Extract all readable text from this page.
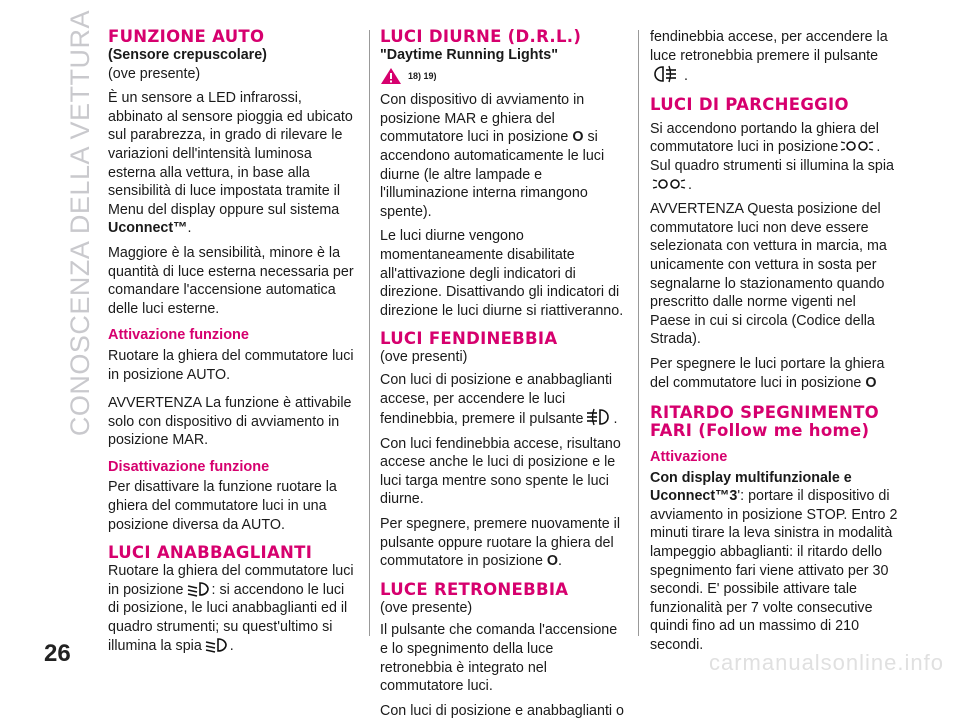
CONOSCENZA DELLA VETTURA FUNZIONE AUTO
(Sensore crepuscolare)

(ove presente)

È un sensore a LED infrarossi, abbinato al sensore pioggia ed ubicato sul parabrezza, in grado di rilevare le variazioni dell'intensità luminosa esterna alla vettura, in base alla sensibilità di luce impostata tramite il Menu del display oppure sul sistema Uconnect™.

Maggiore è la sensibilità, minore è la quantità di luce esterna necessaria per comandare l'accensione automatica delle luci esterne.

Attivazione funzione

Ruotare la ghiera del commutatore luci in posizione AUTO.

AVVERTENZA La funzione è attivabile solo con dispositivo di avviamento in posizione MAR.

Disattivazione funzione

Per disattivare la funzione ruotare la ghiera del commutatore luci in una posizione diversa da AUTO.

LUCI ANABBAGLIANTI

Ruotare la ghiera del commutatore luci in posizione : si accendono le luci di posizione, le luci anabbaglianti ed il quadro strumenti; su quest'ultimo si illumina la spia .

LUCI DIURNE (D.R.L.)
"Daytime Running Lights"
18) 19)

Con dispositivo di avviamento in posizione MAR e ghiera del commutatore luci in posizione O si accendono automaticamente le luci diurne (le altre lampade e l'illuminazione interna rimangono spente).

Le luci diurne vengono momentaneamente disabilitate all'attivazione degli indicatori di direzione. Disattivando gli indicatori di direzione le luci diurne si riattiveranno.

LUCI FENDINEBBIA

(ove presenti)

Con luci di posizione e anabbaglianti accese, per accendere le luci fendinebbia, premere il pulsante .

Con luci fendinebbia accese, risultano accese anche le luci di posizione e le luci targa mentre sono spente le luci diurne.

Per spegnere, premere nuovamente il pulsante oppure ruotare la ghiera del commutatore in posizione O.

LUCE RETRONEBBIA

(ove presente)

Il pulsante che comanda l'accensione e lo spegnimento della luce retronebbia è integrato nel commutatore luci.

Con luci di posizione e anabbaglianti o

fendinebbia accese, per accendere la luce retronebbia premere il pulsante  .

LUCI DI PARCHEGGIO

Si accendono portando la ghiera del commutatore luci in posizione	. Sul quadro strumenti si illumina la spia .

AVVERTENZA Questa posizione del commutatore luci non deve essere selezionata con vettura in marcia, ma unicamente con vettura in sosta per segnalarne lo stazionamento quando prescritto dalle norme vigenti nel Paese in cui si circola (Codice della Strada).

Per spegnere le luci portare la ghiera del commutatore luci in posizione O

RITARDO SPEGNIMENTO FARI (Follow me home)
Attivazione

Con display multifunzionale e Uconnect™3': portare il dispositivo di avviamento in posizione STOP. Entro 2 minuti tirare la leva sinistra in modalità lampeggio abbaglianti: il ritardo dello spegnimento fari viene attivato per 30 secondi. E' possibile attivare tale funzionalità per 7 volte consecutive quindi fino ad un massimo di 210 secondi.

26	carmanualsonline.info
